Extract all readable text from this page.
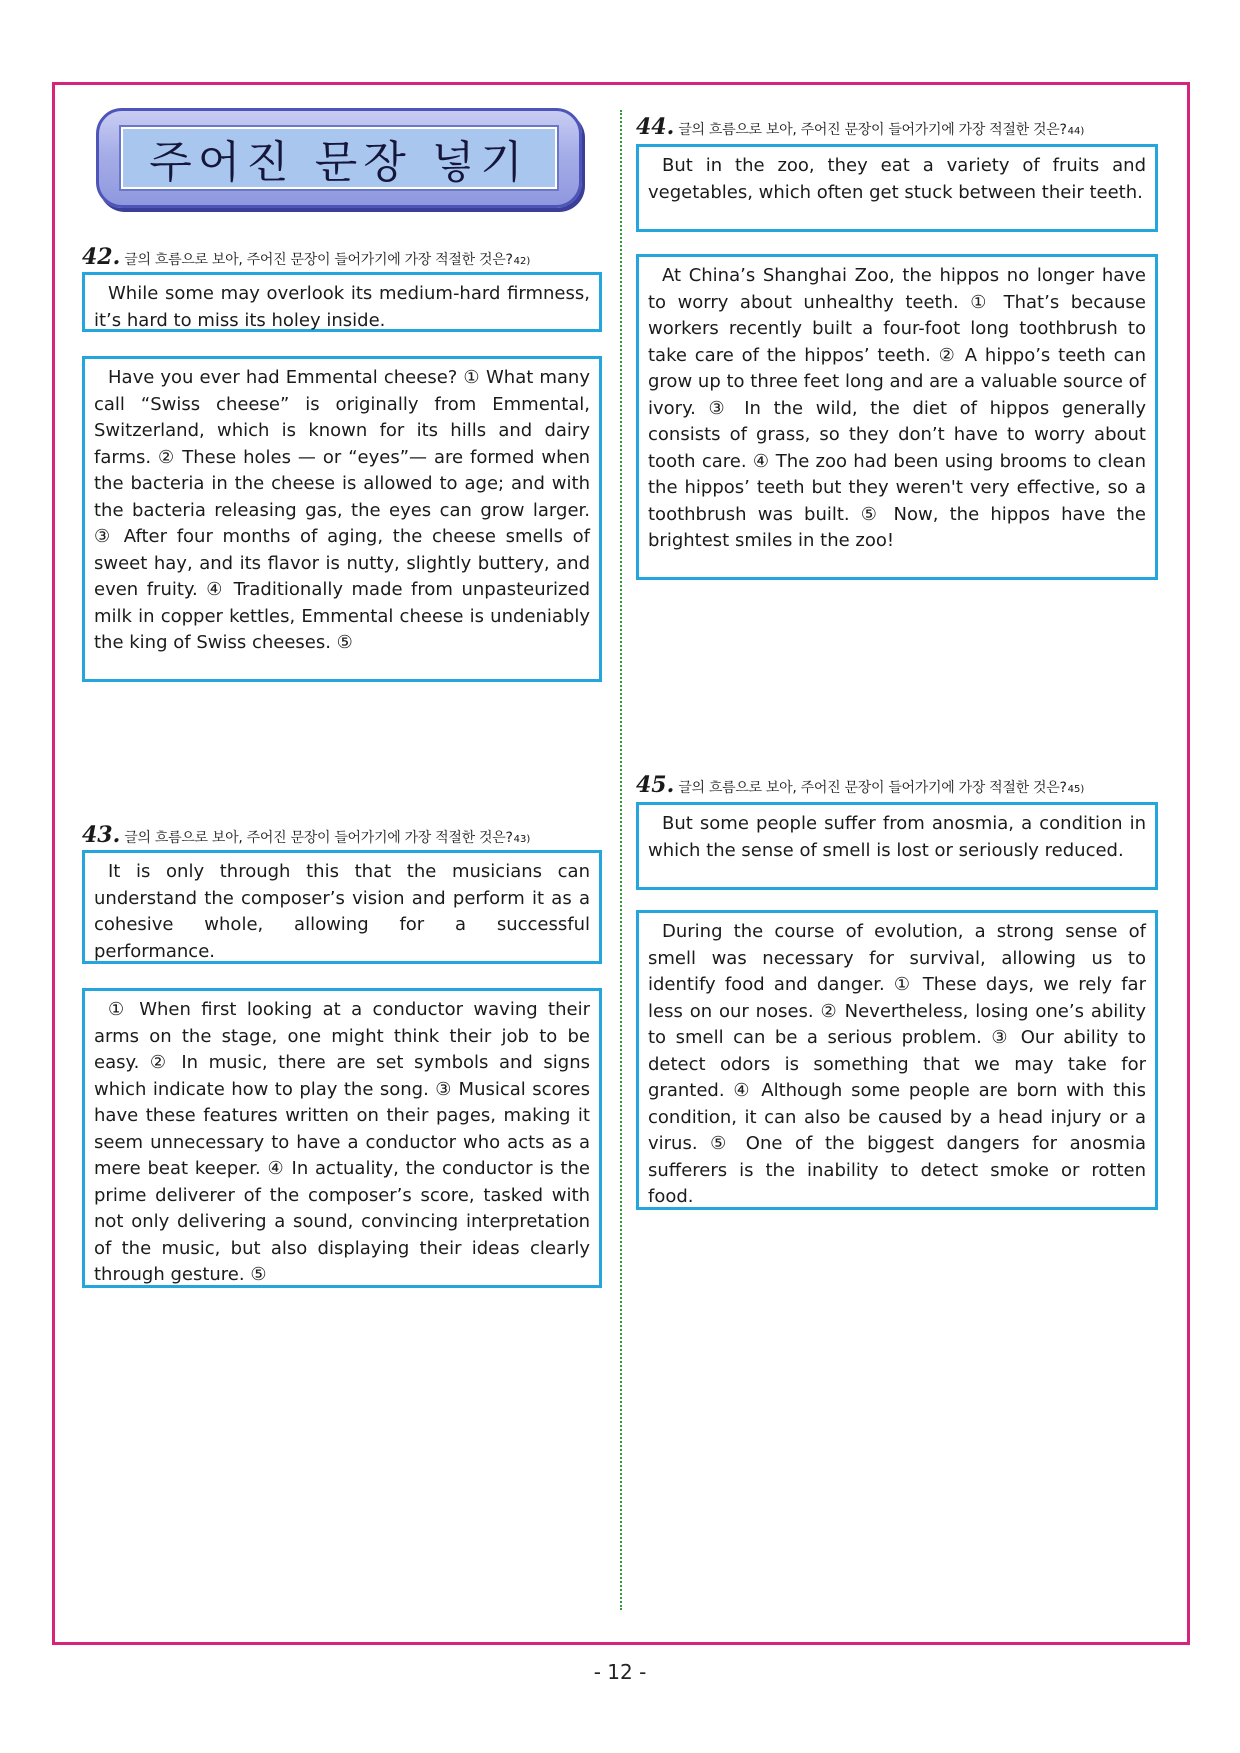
주어진 문장 넣기
42. 글의 흐름으로 보아, 주어진 문장이 들어가기에 가장 적절한 것은? 42)

While some may overlook its medium-hard firmness, it’s hard to miss its holey inside.

Have you ever had Emmental cheese? ① What many call “Swiss cheese” is originally from Emmental, Switzerland, which is known for its hills and dairy farms. ② These holes — or “eyes”— are formed when the bacteria in the cheese is allowed to age; and with the bacteria releasing gas, the eyes can grow larger. ③ After four months of aging, the cheese smells of sweet hay, and its flavor is nutty, slightly buttery, and even fruity. ④ Traditionally made from unpasteurized milk in copper kettles, Emmental cheese is undeniably the king of Swiss cheeses. ⑤

43. 글의 흐름으로 보아, 주어진 문장이 들어가기에 가장 적절한 것은? 43)

It is only through this that the musicians can understand the composer’s vision and perform it as a cohesive whole, allowing for a successful performance.

① When first looking at a conductor waving their arms on the stage, one might think their job to be easy. ② In music, there are set symbols and signs which indicate how to play the song. ③ Musical scores have these features written on their pages, making it seem unnecessary to have a conductor who acts as a mere beat keeper. ④ In actuality, the conductor is the prime deliverer of the composer’s score, tasked with not only delivering a sound, convincing interpretation of the music, but also displaying their ideas clearly through gesture. ⑤

44. 글의 흐름으로 보아, 주어진 문장이 들어가기에 가장 적절한 것은? 44)

But in the zoo, they eat a variety of fruits and vegetables, which often get stuck between their teeth.

At China’s Shanghai Zoo, the hippos no longer have to worry about unhealthy teeth. ① That’s because workers recently built a four-foot long toothbrush to take care of the hippos’ teeth. ② A hippo’s teeth can grow up to three feet long and are a valuable source of ivory. ③ In the wild, the diet of hippos generally consists of grass, so they don’t have to worry about tooth care. ④ The zoo had been using brooms to clean the hippos’ teeth but they weren't very effective, so a toothbrush was built. ⑤ Now, the hippos have the brightest smiles in the zoo!

45. 글의 흐름으로 보아, 주어진 문장이 들어가기에 가장 적절한 것은? 45)

But some people suffer from anosmia, a condition in which the sense of smell is lost or seriously reduced.

During the course of evolution, a strong sense of smell was necessary for survival, allowing us to identify food and danger. ① These days, we rely far less on our noses. ② Nevertheless, losing one’s ability to smell can be a serious problem. ③ Our ability to detect odors is something that we may take for granted. ④ Although some people are born with this condition, it can also be caused by a head injury or a virus. ⑤ One of the biggest dangers for anosmia sufferers is the inability to detect smoke or rotten food.

- 12 -
